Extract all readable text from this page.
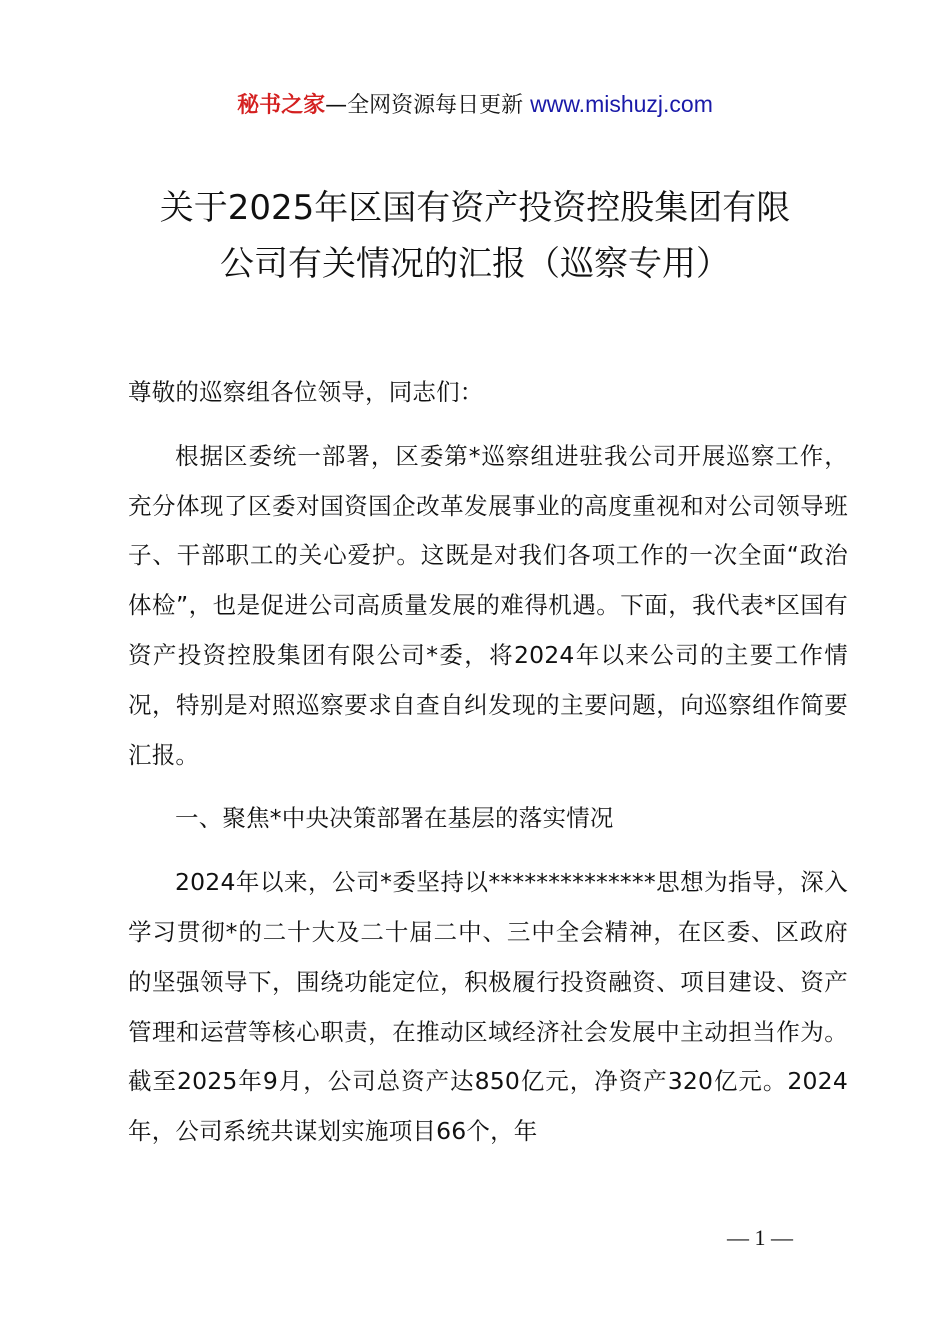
秘书之家—全网资源每日更新 www.mishuzj.com
关于2025年区国有资产投资控股集团有限
公司有关情况的汇报（巡察专用）

尊敬的巡察组各位领导，同志们：

根据区委统一部署，区委第*巡察组进驻我公司开展巡察工作，充分体现了区委对国资国企改革发展事业的高度重视和对公司领导班子、干部职工的关心爱护。这既是对我们各项工作的一次全面“政治体检”，也是促进公司高质量发展的难得机遇。下面，我代表*区国有资产投资控股集团有限公司*委，将2024年以来公司的主要工作情况，特别是对照巡察要求自查自纠发现的主要问题，向巡察组作简要汇报。

一、聚焦*中央决策部署在基层的落实情况

2024年以来，公司*委坚持以**************思想为指导，深入学习贯彻*的二十大及二十届二中、三中全会精神，在区委、区政府的坚强领导下，围绕功能定位，积极履行投资融资、项目建设、资产管理和运营等核心职责，在推动区域经济社会发展中主动担当作为。截至2025年9月，公司总资产达850亿元，净资产320亿元。2024年，公司系统共谋划实施项目66个，年

— 1 —
